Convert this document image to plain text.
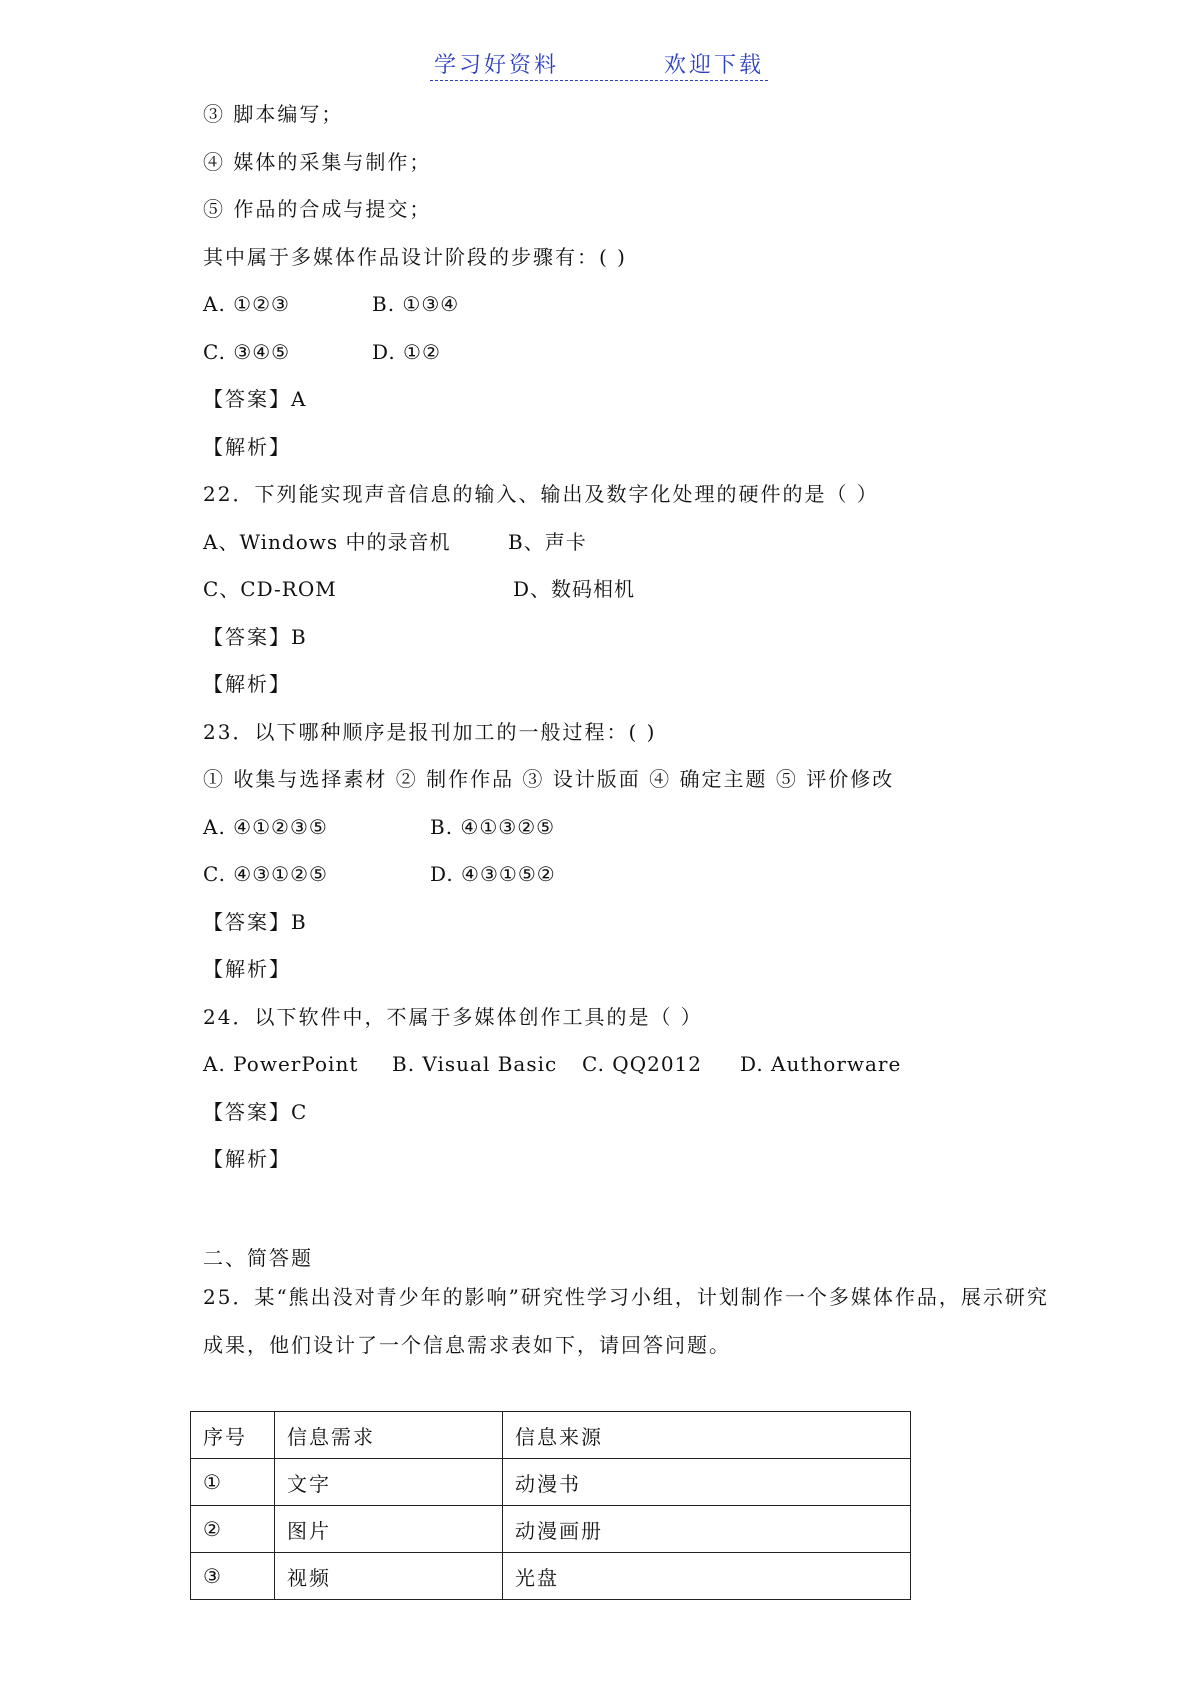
学习好资料	欢迎下载
③ 脚本编写；
④ 媒体的采集与制作；
⑤ 作品的合成与提交；
其中属于多媒体作品设计阶段的步骤有：( )
A. ①②③	B. ①③④
C. ③④⑤	D. ①②
【答案】A
【解析】
22．下列能实现声音信息的输入、输出及数字化处理的硬件的是（ ）
A、Windows 中的录音机	B、声卡
C、CD-ROM	D、数码相机
【答案】B
【解析】
23．以下哪种顺序是报刊加工的一般过程：( )
① 收集与选择素材 ② 制作作品 ③ 设计版面 ④ 确定主题 ⑤ 评价修改
A. ④①②③⑤	B. ④①③②⑤
C. ④③①②⑤	D. ④③①⑤②
【答案】B
【解析】
24．以下软件中，不属于多媒体创作工具的是（ ）
A. PowerPoint B. Visual Basic C. QQ2012 D. Authorware
【答案】C
【解析】
二、简答题
25．某“熊出没对青少年的影响”研究性学习小组，计划制作一个多媒体作品，展示研究
成果，他们设计了一个信息需求表如下，请回答问题。
序号	信息需求	信息来源
①	文字	动漫书
②	图片	动漫画册
③	视频	光盘
